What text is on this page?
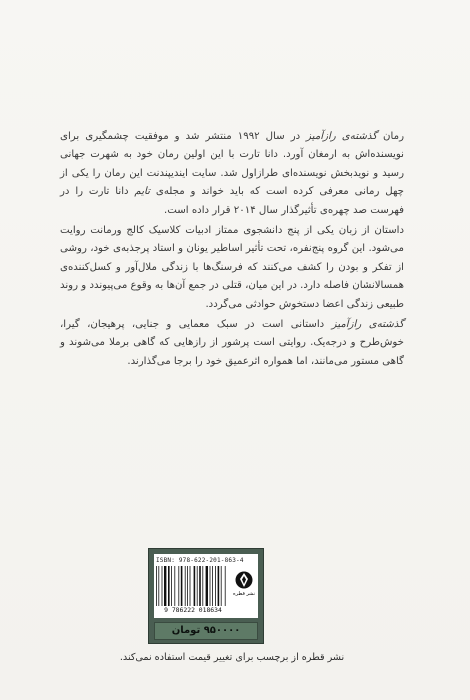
رمان گذشته‌ی رازآمیز در سال ۱۹۹۲ منتشر شد و موفقیت چشمگیری برای نویسنده‌اش به ارمغان آورد. دانا تارت با این اولین رمان خود به شهرت جهانی رسید و نویدبخش نویسنده‌ای طرازاول شد. سایت ایندیپندنت این رمان را یکی از چهل رمانی معرفی کرده است که باید خواند و مجله‌ی تایم دانا تارت را در فهرست صد چهره‌ی تأثیرگذار سال ۲۰۱۴ قرار داده است.

داستان از زبان یکی از پنج دانشجوی ممتاز ادبیات کلاسیک کالج ورمانت روایت می‌شود. این گروه پنج‌نفره، تحت تأثیر اساطیر یونان و استاد پرجذبه‌ی خود، روشی از تفکر و بودن را کشف می‌کنند که فرسنگ‌ها با زندگی ملال‌آور و کسل‌کننده‌ی همسالانشان فاصله دارد. در این میان، قتلی در جمع آن‌ها به وقوع می‌پیوندد و روند طبیعی زندگی اعضا دستخوش حوادثی می‌گردد.

گذشته‌ی رازآمیز داستانی است در سبک معمایی و جنایی، پرهیجان، گیرا، خوش‌طرح و درجه‌یک. روایتی است پرشور از رازهایی که گاهی برملا می‌شوند و گاهی مستور می‌مانند، اما همواره اثرعمیق خود را برجا می‌گذارند.

ISBN: 978-622-201-863-4
9 786222 018634
نشر قطره
۹۵۰۰۰۰ تومان
نشر قطره از برچسب برای تغییر قیمت استفاده نمی‌کند.
